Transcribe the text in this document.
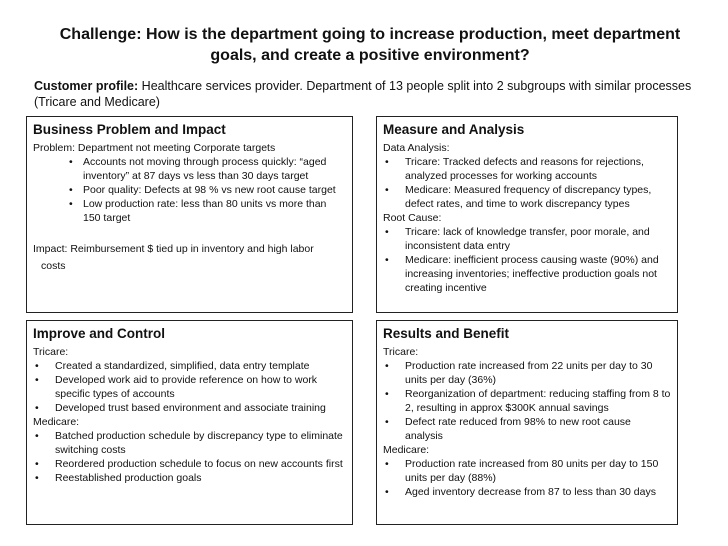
Challenge: How is the department going to increase production, meet department goals, and create a positive environment?
Customer profile: Healthcare services provider. Department of 13 people split into 2 subgroups with similar processes (Tricare and Medicare)
Business Problem and Impact

Problem: Department not meeting Corporate targets

• Accounts not moving through process quickly: “aged inventory” at 87 days vs less than 30 days target
• Poor quality: Defects at 98 % vs new root cause target
• Low production rate: less than 80 units vs more than 150 target

Impact: Reimbursement $ tied up in inventory and high labor

costs

Measure and Analysis

Data Analysis:

• Tricare: Tracked defects and reasons for rejections, analyzed processes for working accounts
• Medicare: Measured frequency of discrepancy types, defect rates, and time to work discrepancy types

Root Cause:

• Tricare: lack of knowledge transfer, poor morale, and inconsistent data entry
• Medicare: inefficient process causing waste (90%) and increasing inventories; ineffective production goals not creating incentive
Improve and Control

Tricare:

• Created a standardized, simplified, data entry template
• Developed work aid to provide reference on how to work specific types of accounts
• Developed trust based environment and associate training

Medicare:

• Batched production schedule by discrepancy type to eliminate switching costs
• Reordered production schedule to focus on new accounts first
• Reestablished production goals
Results and Benefit

Tricare:

• Production rate increased from 22 units per day to 30 units per day (36%)
• Reorganization of department: reducing staffing from 8 to 2, resulting in approx $300K annual savings
• Defect rate reduced from 98% to new root cause analysis

Medicare:

• Production rate increased from 80 units per day to 150 units per day (88%)
• Aged inventory decrease from 87 to less than 30 days
